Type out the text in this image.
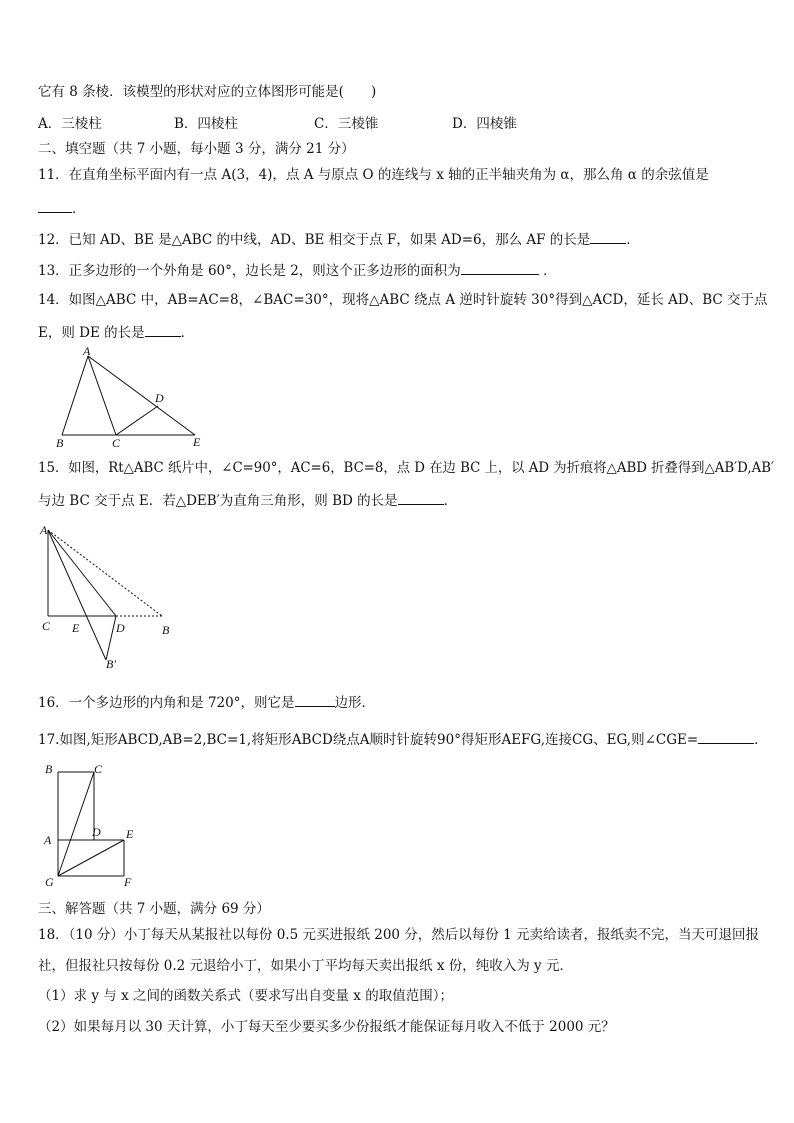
它有 8 条棱．该模型的形状对应的立体图形可能是(　　)
A．三棱柱	B．四棱柱	C．三棱锥	D．四棱锥
二、填空题（共 7 小题，每小题 3 分，满分 21 分）
11．在直角坐标平面内有一点 A(3，4)，点 A 与原点 O 的连线与 x 轴的正半轴夹角为 α，那么角 α 的余弦值是
．
12．已知 AD、BE 是△ABC 的中线，AD、BE 相交于点 F，如果 AD=6，那么 AF 的长是	．
13．正多边形的一个外角是 60°，边长是 2，则这个正多边形的面积为	．
14．如图△ABC 中，AB=AC=8，∠BAC=30°，现将△ABC 绕点 A 逆时针旋转 30°得到△ACD，延长 AD、BC 交于点
E，则 DE 的长是	．
A
B	C
D
E
15．如图，Rt△ABC 纸片中，∠C=90°，AC=6，BC=8，点 D 在边 BC 上，以 AD 为折痕将△ABD 折叠得到△AB′D,AB′
与边 BC 交于点 E．若△DEB′为直角三角形，则 BD 的长是	．
A
C E	D	B
B′
16．一个多边形的内角和是 720°，则它是	边形．
17.如图,矩形ABCD,AB=2,BC=1,将矩形ABCD绕点A顺时针旋转90°得矩形AEFG,连接CG、EG,则∠CGE=	．
B	C
A
D E
G	F
三、解答题（共 7 小题，满分 69 分）
18．（10 分）小丁每天从某报社以每份 0.5 元买进报纸 200 分，然后以每份 1 元卖给读者，报纸卖不完，当天可退回报
社，但报社只按每份 0.2 元退给小丁，如果小丁平均每天卖出报纸 x 份，纯收入为 y 元．
（1）求 y 与 x 之间的函数关系式（要求写出自变量 x 的取值范围）；
（2）如果每月以 30 天计算，小丁每天至少要买多少份报纸才能保证每月收入不低于 2000 元？
